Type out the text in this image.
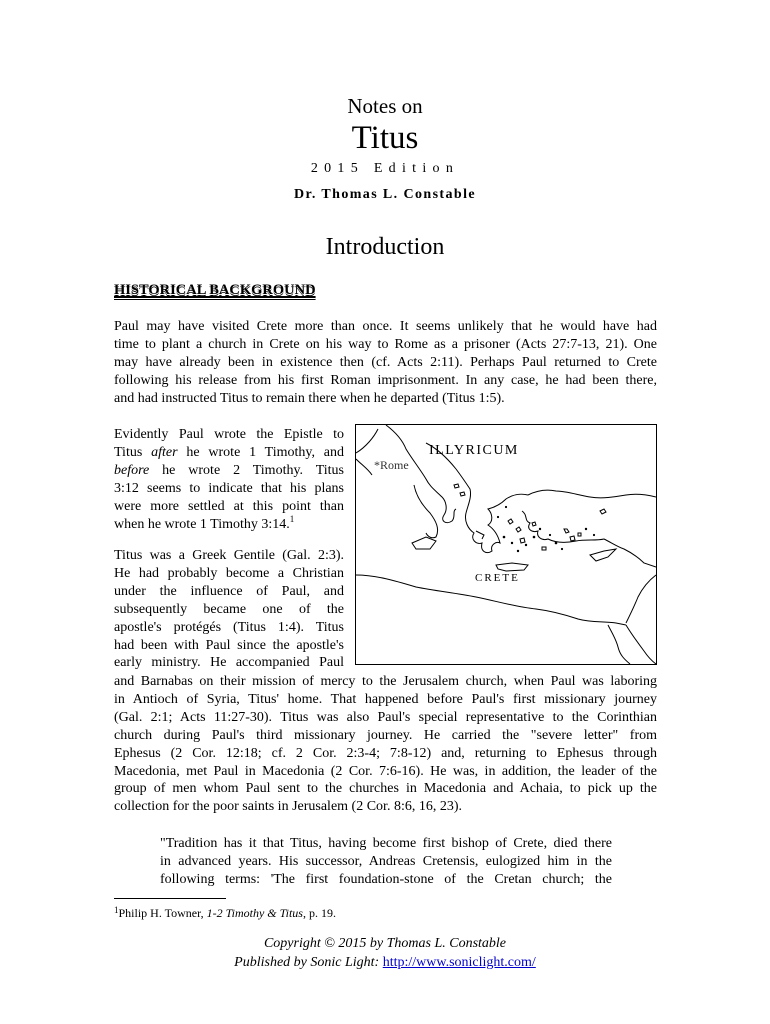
Notes on
Titus
2015 Edition
Dr. Thomas L. Constable
Introduction
HISTORICAL BACKGROUND
Paul may have visited Crete more than once. It seems unlikely that he would have had
time to plant a church in Crete on his way to Rome as a prisoner (Acts 27:7-13, 21). One
may have already been in existence then (cf. Acts 2:11). Perhaps Paul returned to Crete
following his release from his first Roman imprisonment. In any case, he had been there,
and had instructed Titus to remain there when he departed (Titus 1:5).
Evidently Paul wrote the Epistle to
Titus after he wrote 1 Timothy, and
before he wrote 2 Timothy. Titus
3:12 seems to indicate that his plans
were more settled at this point than
when he wrote 1 Timothy 3:14.$^1$
ILLYRICUM
*Rome
CRETE
Titus was a Greek Gentile (Gal. 2:3).
He had probably become a Christian
under the influence of Paul, and
subsequently became one of the
apostle's protégés (Titus 1:4). Titus
had been with Paul since the apostle's
early ministry. He accompanied Paul
and Barnabas on their mission of mercy to the Jerusalem church, when Paul was laboring
in Antioch of Syria, Titus' home. That happened before Paul's first missionary journey
(Gal. 2:1; Acts 11:27-30). Titus was also Paul's special representative to the Corinthian
church during Paul's third missionary journey. He carried the "severe letter" from
Ephesus (2 Cor. 12:18; cf. 2 Cor. 2:3-4; 7:8-12) and, returning to Ephesus through
Macedonia, met Paul in Macedonia (2 Cor. 7:6-16). He was, in addition, the leader of the
group of men whom Paul sent to the churches in Macedonia and Achaia, to pick up the
collection for the poor saints in Jerusalem (2 Cor. 8:6, 16, 23).
"Tradition has it that Titus, having become first bishop of Crete, died there
in advanced years. His successor, Andreas Cretensis, eulogized him in the
following terms: 'The first foundation-stone of the Cretan church; the
$^1$Philip H. Towner, 1-2 Timothy & Titus, p. 19.
Copyright © 2015 by Thomas L. Constable
Published by Sonic Light: http://www.soniclight.com/
